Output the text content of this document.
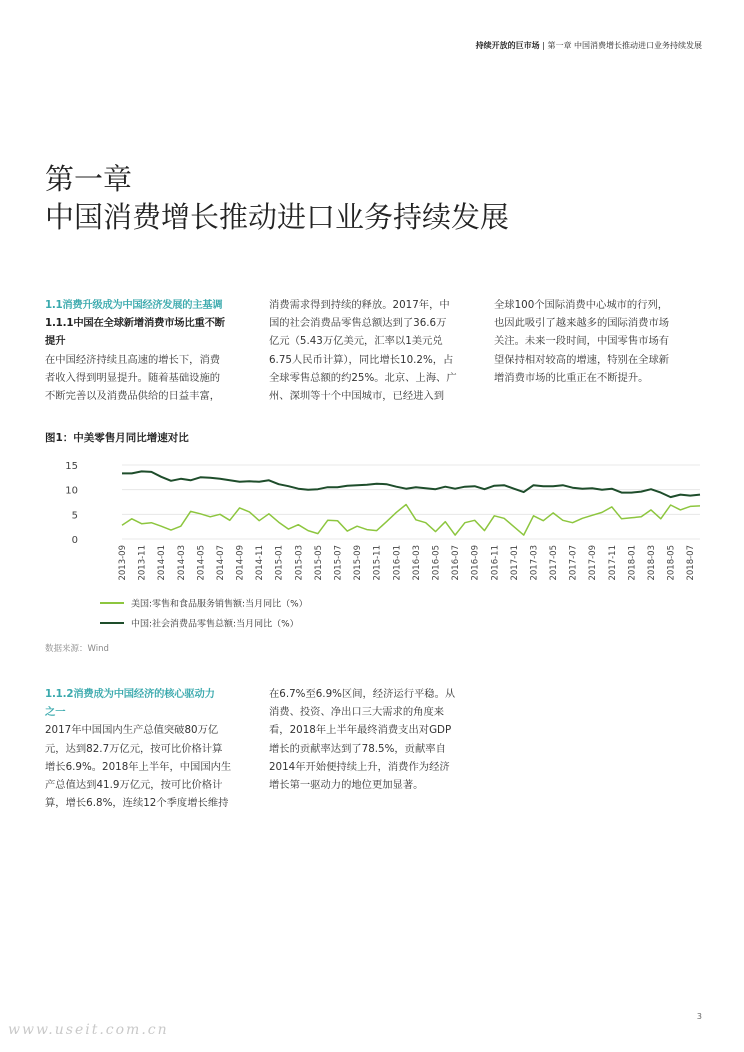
持续开放的巨市场 | 第一章 中国消费增长推动进口业务持续发展
第一章
中国消费增长推动进口业务持续发展
1.1消费升级成为中国经济发展的主基调
1.1.1中国在全球新增消费市场比重不断
提升
在中国经济持续且高速的增长下，消费
者收入得到明显提升。随着基础设施的
不断完善以及消费品供给的日益丰富，
消费需求得到持续的释放。2017年，中
国的社会消费品零售总额达到了36.6万
亿元（5.43万亿美元，汇率以1美元兑
6.75人民币计算），同比增长10.2%，占
全球零售总额的约25%。北京、上海、广
州、深圳等十个中国城市，已经进入到
全球100个国际消费中心城市的行列，
也因此吸引了越来越多的国际消费市场
关注。未来一段时间，中国零售市场有
望保持相对较高的增速，特别在全球新
增消费市场的比重正在不断提升。
图1：中美零售月同比增速对比
0
5
10
15
2013-09 2013-11 2014-01 2014-03 2014-05 2014-07 2014-09 2014-11 2015-01 2015-03 2015-05 2015-07 2015-09 2015-11 2016-01 2016-03 2016-05 2016-07 2016-09 2016-11 2017-01 2017-03 2017-05 2017-07 2017-09 2017-11 2018-01 2018-03 2018-05 2018-07
美国:零售和食品服务销售额:当月同比（%）
中国:社会消费品零售总额:当月同比（%）
数据来源：Wind
1.1.2消费成为中国经济的核心驱动力
之一
2017年中国国内生产总值突破80万亿
元，达到82.7万亿元，按可比价格计算
增长6.9%。2018年上半年，中国国内生
产总值达到41.9万亿元，按可比价格计
算，增长6.8%，连续12个季度增长维持
在6.7%至6.9%区间，经济运行平稳。从
消费、投资、净出口三大需求的角度来
看，2018年上半年最终消费支出对GDP
增长的贡献率达到了78.5%，贡献率自
2014年开始便持续上升，消费作为经济
增长第一驱动力的地位更加显著。
3
www.useit.com.cn
